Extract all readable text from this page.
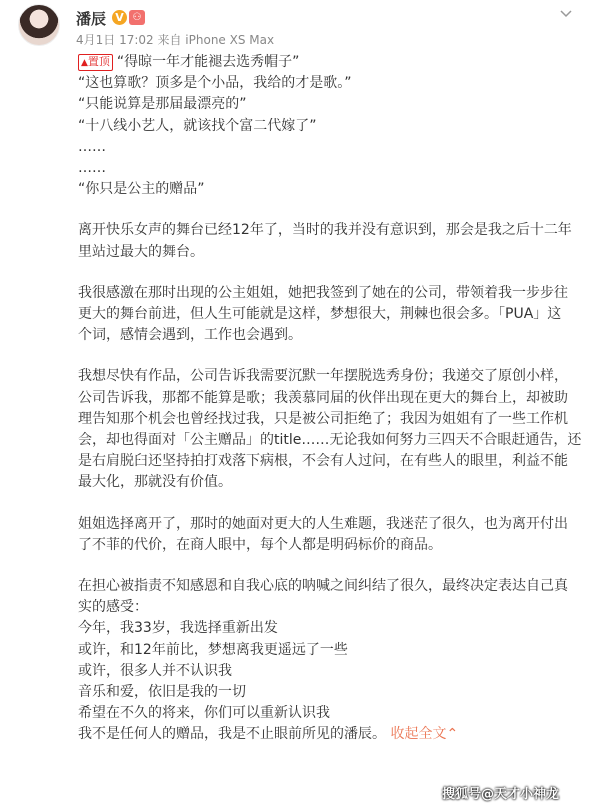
潘辰 V ⚇
4月1日 17:02 来自 iPhone XS Max
▲置顶 “得晾一年才能褪去选秀帽子”
“这也算歌？顶多是个小品，我给的才是歌。”
“只能说算是那届最漂亮的”
“十八线小艺人，就该找个富二代嫁了”
……
……
“你只是公主的赠品”
离开快乐女声的舞台已经12年了，当时的我并没有意识到，那会是我之后十二年
里站过最大的舞台。
我很感激在那时出现的公主姐姐，她把我签到了她在的公司，带领着我一步步往
更大的舞台前进，但人生可能就是这样，梦想很大，荆棘也很会多。「PUA」这
个词，感情会遇到，工作也会遇到。
我想尽快有作品，公司告诉我需要沉默一年摆脱选秀身份；我递交了原创小样，
公司告诉我，那都不能算是歌；我羡慕同届的伙伴出现在更大的舞台上，却被助
理告知那个机会也曾经找过我，只是被公司拒绝了；我因为姐姐有了一些工作机
会，却也得面对「公主赠品」的title……无论我如何努力三四天不合眼赶通告，还
是右肩脱臼还坚持拍打戏落下病根，不会有人过问，在有些人的眼里，利益不能
最大化，那就没有价值。
姐姐选择离开了，那时的她面对更大的人生难题，我迷茫了很久，也为离开付出
了不菲的代价，在商人眼中，每个人都是明码标价的商品。
在担心被指责不知感恩和自我心底的呐喊之间纠结了很久，最终决定表达自己真
实的感受：
今年，我33岁，我选择重新出发
或许，和12年前比，梦想离我更遥远了一些
或许，很多人并不认识我
音乐和爱，依旧是我的一切
希望在不久的将来，你们可以重新认识我
我不是任何人的赠品，我是不止眼前所见的潘辰。 收起全文⌃
搜狐号@天才小神龙
